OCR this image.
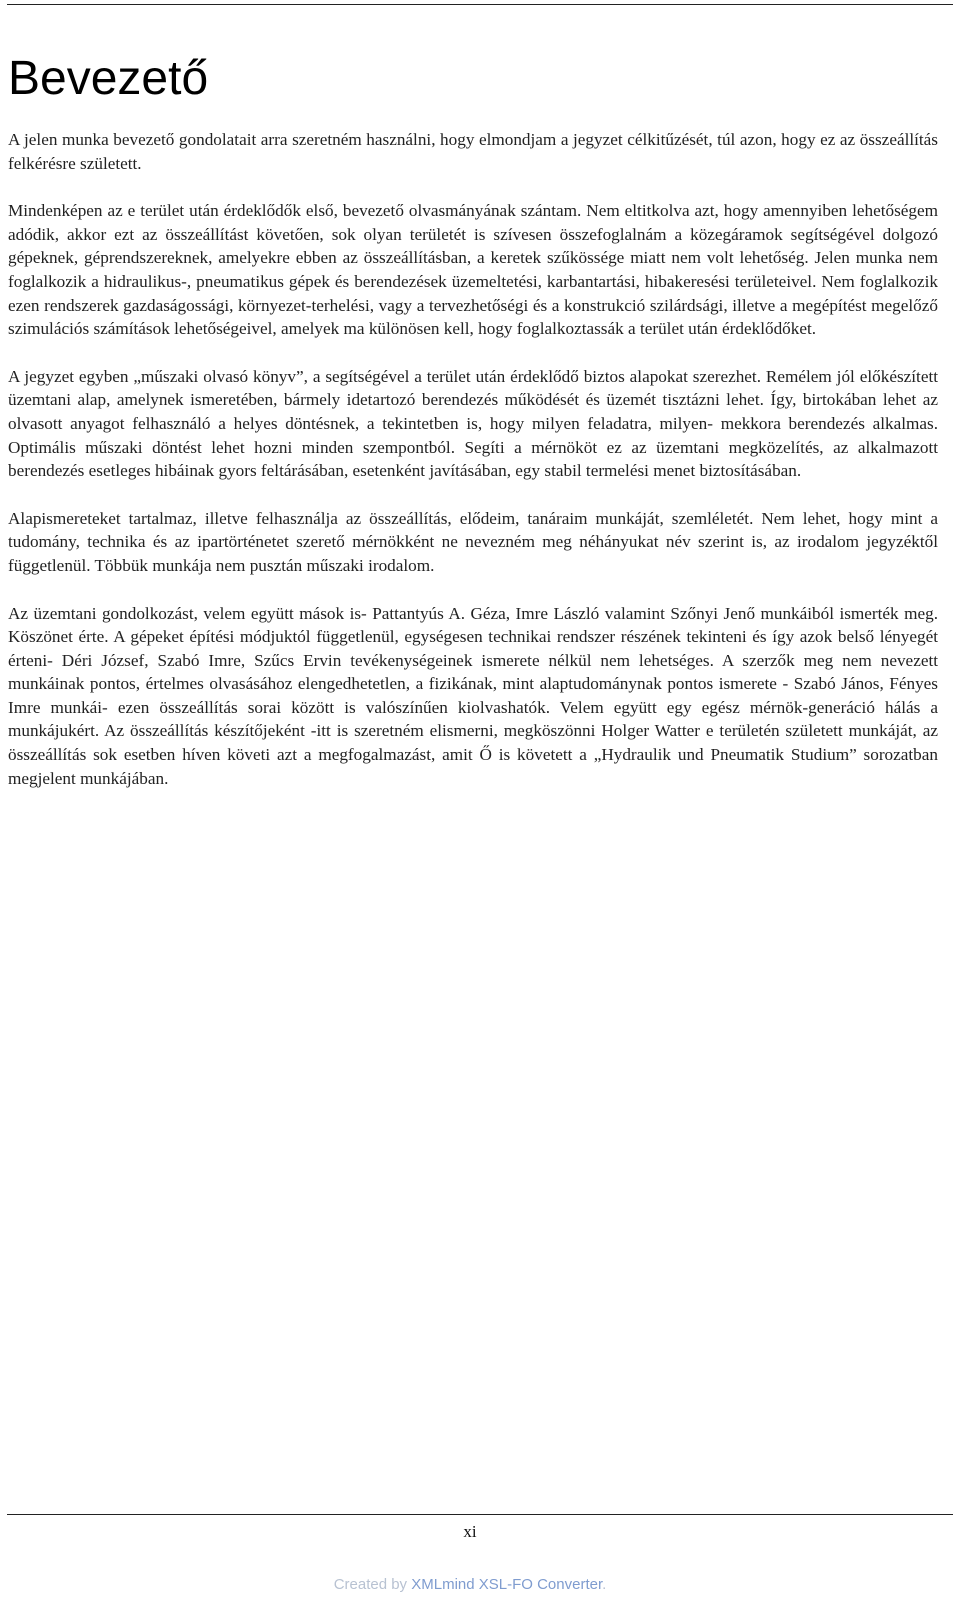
Bevezető

A jelen munka bevezető gondolatait arra szeretném használni, hogy elmondjam a jegyzet célkitűzését, túl azon, hogy ez az összeállítás felkérésre született.

Mindenképen az e terület után érdeklődők első, bevezető olvasmányának szántam. Nem eltitkolva azt, hogy amennyiben lehetőségem adódik, akkor ezt az összeállítást követően, sok olyan területét is szívesen összefoglalnám a közegáramok segítségével dolgozó gépeknek, géprendszereknek, amelyekre ebben az összeállításban, a keretek szűkössége miatt nem volt lehetőség. Jelen munka nem foglalkozik a hidraulikus-, pneumatikus gépek és berendezések üzemeltetési, karbantartási, hibakeresési területeivel. Nem foglalkozik ezen rendszerek gazdaságossági, környezet-terhelési, vagy a tervezhetőségi és a konstrukció szilárdsági, illetve a megépítést megelőző szimulációs számítások lehetőségeivel, amelyek ma különösen kell, hogy foglalkoztassák a terület után érdeklődőket.

A jegyzet egyben „műszaki olvasó könyv”, a segítségével a terület után érdeklődő biztos alapokat szerezhet. Remélem jól előkészített üzemtani alap, amelynek ismeretében, bármely idetartozó berendezés működését és üzemét tisztázni lehet. Így, birtokában lehet az olvasott anyagot felhasználó a helyes döntésnek, a tekintetben is, hogy milyen feladatra, milyen- mekkora berendezés alkalmas. Optimális műszaki döntést lehet hozni minden szempontból. Segíti a mérnököt ez az üzemtani megközelítés, az alkalmazott berendezés esetleges hibáinak gyors feltárásában, esetenként javításában, egy stabil termelési menet biztosításában.

Alapismereteket tartalmaz, illetve felhasználja az összeállítás, elődeim, tanáraim munkáját, szemléletét. Nem lehet, hogy mint a tudomány, technika és az ipartörténetet szerető mérnökként ne nevezném meg néhányukat név szerint is, az irodalom jegyzéktől függetlenül. Többük munkája nem pusztán műszaki irodalom.

Az üzemtani gondolkozást, velem együtt mások is- Pattantyús A. Géza, Imre László valamint Szőnyi Jenő munkáiból ismerték meg. Köszönet érte. A gépeket építési módjuktól függetlenül, egységesen technikai rendszer részének tekinteni és így azok belső lényegét érteni- Déri József, Szabó Imre, Szűcs Ervin tevékenységeinek ismerete nélkül nem lehetséges. A szerzők meg nem nevezett munkáinak pontos, értelmes olvasásához elengedhetetlen, a fizikának, mint alaptudománynak pontos ismerete - Szabó János, Fényes Imre munkái- ezen összeállítás sorai között is valószínűen kiolvashatók. Velem együtt egy egész mérnök-generáció hálás a munkájukért. Az összeállítás készítőjeként -itt is szeretném elismerni, megköszönni Holger Watter e területén született munkáját, az összeállítás sok esetben híven követi azt a megfogalmazást, amit Ő is követett a „Hydraulik und Pneumatik Studium” sorozatban megjelent munkájában.

xi
Created by XMLmind XSL-FO Converter.
